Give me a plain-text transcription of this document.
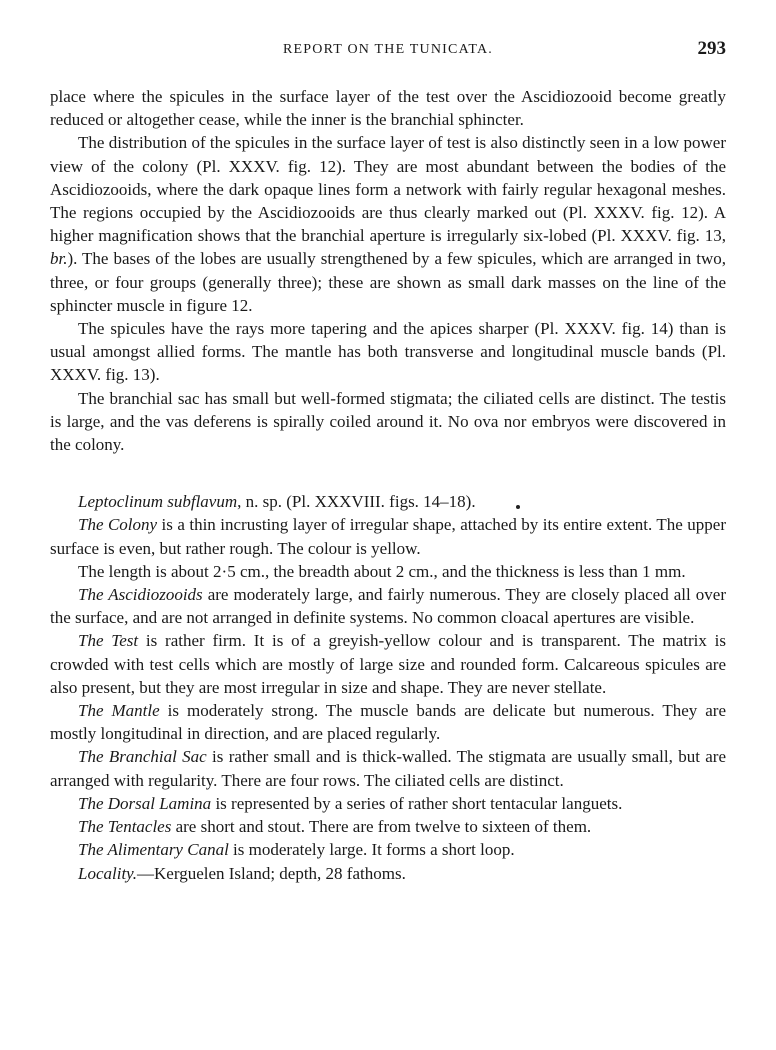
REPORT ON THE TUNICATA.	293

place where the spicules in the surface layer of the test over the Ascidiozooid become greatly reduced or altogether cease, while the inner is the branchial sphincter.

The distribution of the spicules in the surface layer of test is also distinctly seen in a low power view of the colony (Pl. XXXV. fig. 12). They are most abundant between the bodies of the Ascidiozooids, where the dark opaque lines form a network with fairly regular hexagonal meshes. The regions occupied by the Ascidiozooids are thus clearly marked out (Pl. XXXV. fig. 12). A higher magnification shows that the branchial aperture is irregularly six-lobed (Pl. XXXV. fig. 13, br.). The bases of the lobes are usually strengthened by a few spicules, which are arranged in two, three, or four groups (generally three); these are shown as small dark masses on the line of the sphincter muscle in figure 12.

The spicules have the rays more tapering and the apices sharper (Pl. XXXV. fig. 14) than is usual amongst allied forms. The mantle has both transverse and longitudinal muscle bands (Pl. XXXV. fig. 13).

The branchial sac has small but well-formed stigmata; the ciliated cells are distinct. The testis is large, and the vas deferens is spirally coiled around it. No ova nor embryos were discovered in the colony.

Leptoclinum subflavum, n. sp. (Pl. XXXVIII. figs. 14–18).

The Colony is a thin incrusting layer of irregular shape, attached by its entire extent. The upper surface is even, but rather rough. The colour is yellow.

The length is about 2·5 cm., the breadth about 2 cm., and the thickness is less than 1 mm.

The Ascidiozooids are moderately large, and fairly numerous. They are closely placed all over the surface, and are not arranged in definite systems. No common cloacal apertures are visible.

The Test is rather firm. It is of a greyish-yellow colour and is transparent. The matrix is crowded with test cells which are mostly of large size and rounded form. Calcareous spicules are also present, but they are most irregular in size and shape. They are never stellate.

The Mantle is moderately strong. The muscle bands are delicate but numerous. They are mostly longitudinal in direction, and are placed regularly.

The Branchial Sac is rather small and is thick-walled. The stigmata are usually small, but are arranged with regularity. There are four rows. The ciliated cells are distinct.

The Dorsal Lamina is represented by a series of rather short tentacular languets.

The Tentacles are short and stout. There are from twelve to sixteen of them.

The Alimentary Canal is moderately large. It forms a short loop.

Locality.—Kerguelen Island; depth, 28 fathoms.
